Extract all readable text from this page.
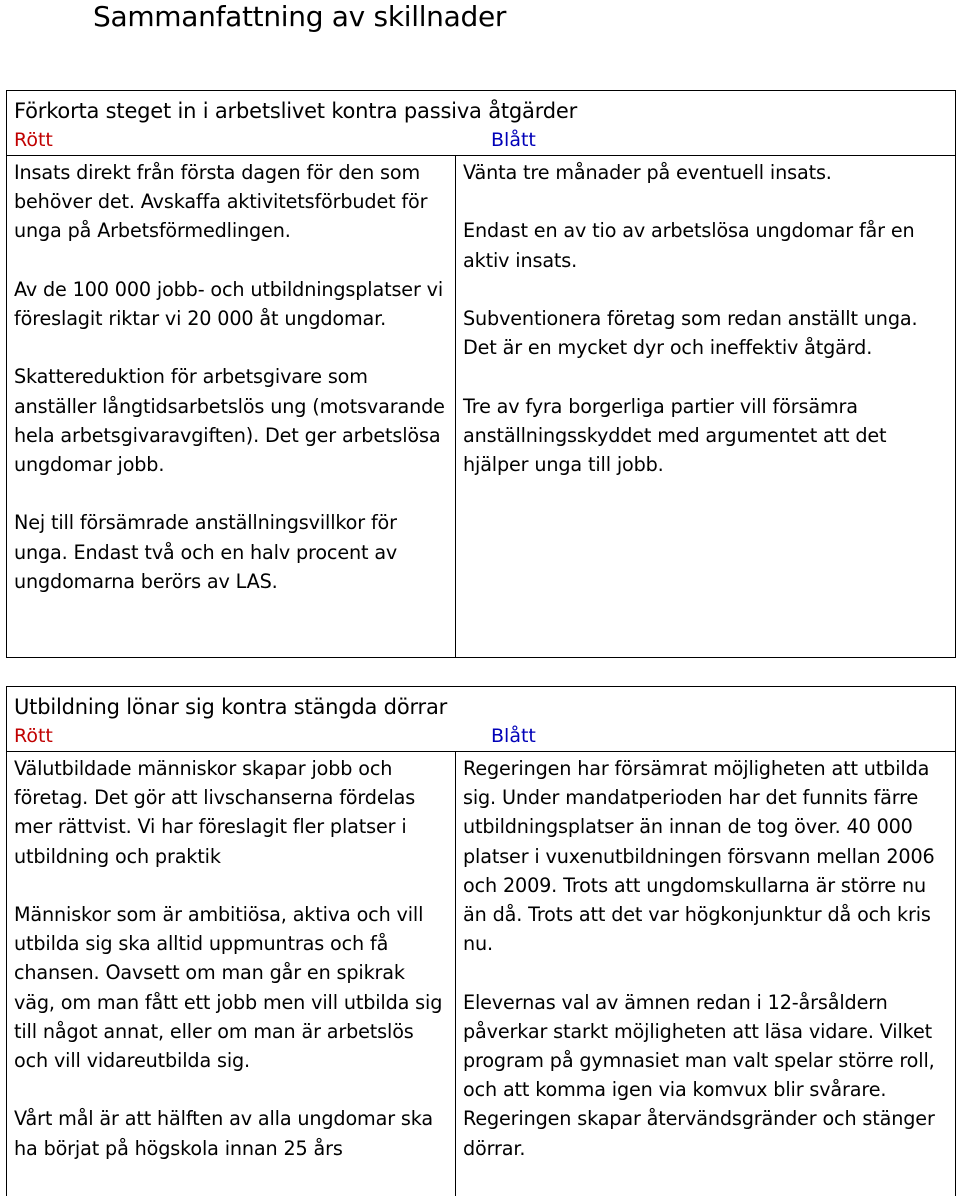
Sammanfattning av skillnader
Förkorta steget in i arbetslivet kontra passiva åtgärder
Rött	Blått

Insats direkt från första dagen för den som behöver det. Avskaffa aktivitetsförbudet för unga på Arbetsförmedlingen.

Av de 100 000 jobb- och utbildningsplatser vi föreslagit riktar vi 20 000 åt ungdomar.

Skattereduktion för arbetsgivare som anställer långtidsarbetslös ung (motsvarande hela arbetsgivaravgiften). Det ger arbetslösa ungdomar jobb.

Nej till försämrade anställningsvillkor för unga. Endast två och en halv procent av ungdomarna berörs av LAS.

Vänta tre månader på eventuell insats.

Endast en av tio av arbetslösa ungdomar får en aktiv insats.

Subventionera företag som redan anställt unga. Det är en mycket dyr och ineffektiv åtgärd.

Tre av fyra borgerliga partier vill försämra anställningsskyddet med argumentet att det hjälper unga till jobb.

Utbildning lönar sig kontra stängda dörrar
Rött	Blått

Välutbildade människor skapar jobb och företag. Det gör att livschanserna fördelas mer rättvist. Vi har föreslagit fler platser i utbildning och praktik

Människor som är ambitiösa, aktiva och vill utbilda sig ska alltid uppmuntras och få chansen. Oavsett om man går en spikrak väg, om man fått ett jobb men vill utbilda sig till något annat, eller om man är arbetslös och vill vidareutbilda sig.

Vårt mål är att hälften av alla ungdomar ska ha börjat på högskola innan 25 års

Regeringen har försämrat möjligheten att utbilda sig. Under mandatperioden har det funnits färre utbildningsplatser än innan de tog över. 40 000 platser i vuxenutbildningen försvann mellan 2006 och 2009. Trots att ungdomskullarna är större nu än då. Trots att det var högkonjunktur då och kris nu.

Elevernas val av ämnen redan i 12-årsåldern påverkar starkt möjligheten att läsa vidare. Vilket program på gymnasiet man valt spelar större roll, och att komma igen via komvux blir svårare. Regeringen skapar återvändsgränder och stänger dörrar.
